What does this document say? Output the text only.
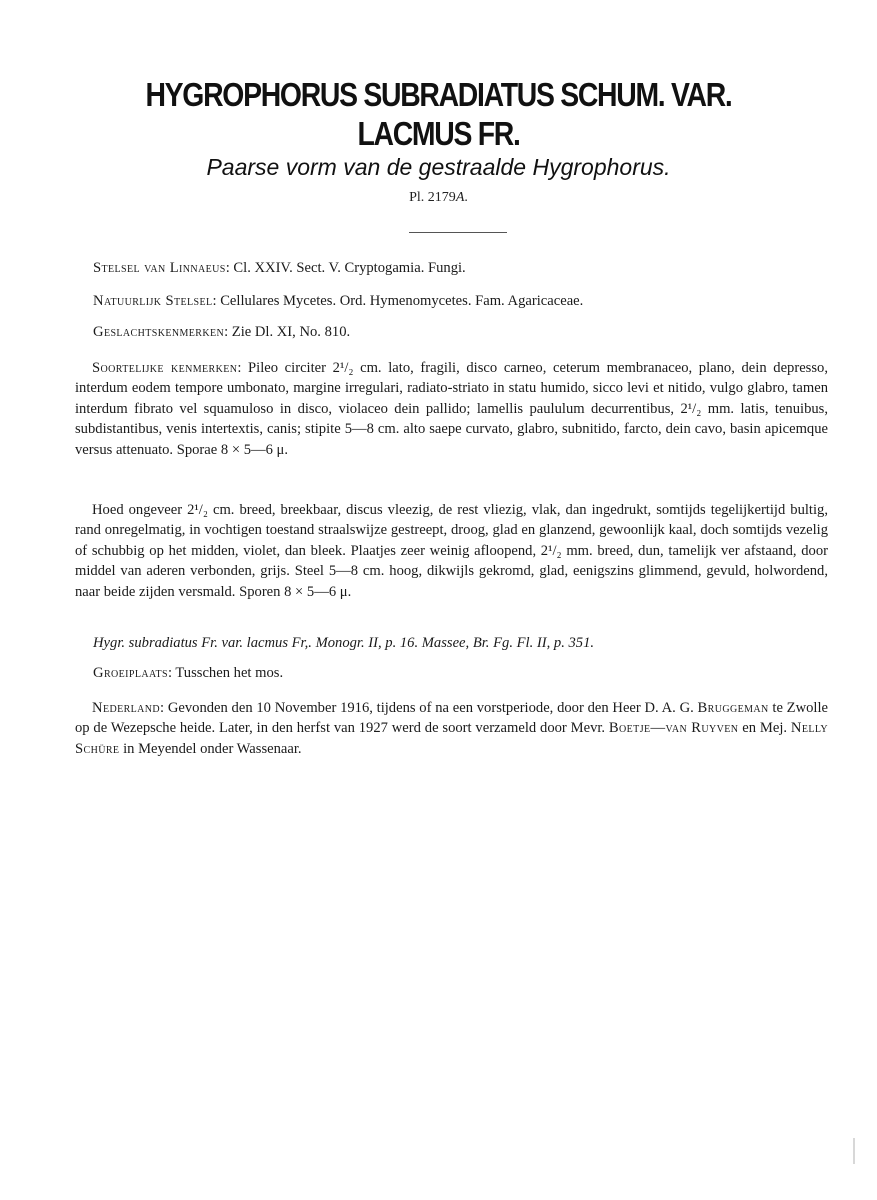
HYGROPHORUS SUBRADIATUS SCHUM. VAR.
LACMUS FR.

Paarse vorm van de gestraalde Hygrophorus.

Pl. 2179A.

Stelsel van Linnaeus: Cl. XXIV. Sect. V. Cryptogamia. Fungi.

Natuurlijk Stelsel: Cellulares Mycetes. Ord. Hymenomycetes. Fam. Agaricaceae.

Geslachtskenmerken: Zie Dl. XI, No. 810.

Soortelijke kenmerken: Pileo circiter 2¹/₂ cm. lato, fragili, disco carneo, ceterum membranaceo, plano, dein depresso, interdum eodem tempore umbonato, margine irregulari, radiato-striato in statu humido, sicco levi et nitido, vulgo glabro, tamen interdum fibrato vel squamuloso in disco, violaceo dein pallido; lamellis paululum decurrentibus, 2¹/₂ mm. latis, tenuibus, subdistantibus, venis intertextis, canis; stipite 5—8 cm. alto saepe curvato, glabro, subnitido, farcto, dein cavo, basin apicemque versus attenuato. Sporae 8 × 5—6 μ.

Hoed ongeveer 2¹/₂ cm. breed, breekbaar, discus vleezig, de rest vliezig, vlak, dan ingedrukt, somtijds tegelijkertijd bultig, rand onregelmatig, in vochtigen toestand straalswijze gestreept, droog, glad en glanzend, gewoonlijk kaal, doch somtijds vezelig of schubbig op het midden, violet, dan bleek. Plaatjes zeer weinig afloopend, 2¹/₂ mm. breed, dun, tamelijk ver afstaand, door middel van aderen verbonden, grijs. Steel 5—8 cm. hoog, dikwijls gekromd, glad, eenigszins glimmend, gevuld, holwordend, naar beide zijden versmald. Sporen 8 × 5—6 μ.

Hygr. subradiatus Fr. var. lacmus Fr,. Monogr. II, p. 16. Massee, Br. Fg. Fl. II, p. 351.

Groeiplaats: Tusschen het mos.

Nederland: Gevonden den 10 November 1916, tijdens of na een vorstperiode, door den Heer D. A. G. Bruggeman te Zwolle op de Wezepsche heide. Later, in den herfst van 1927 werd de soort verzameld door Mevr. Boetje—van Ruyven en Mej. Nelly Schüre in Meyendel onder Wassenaar.
